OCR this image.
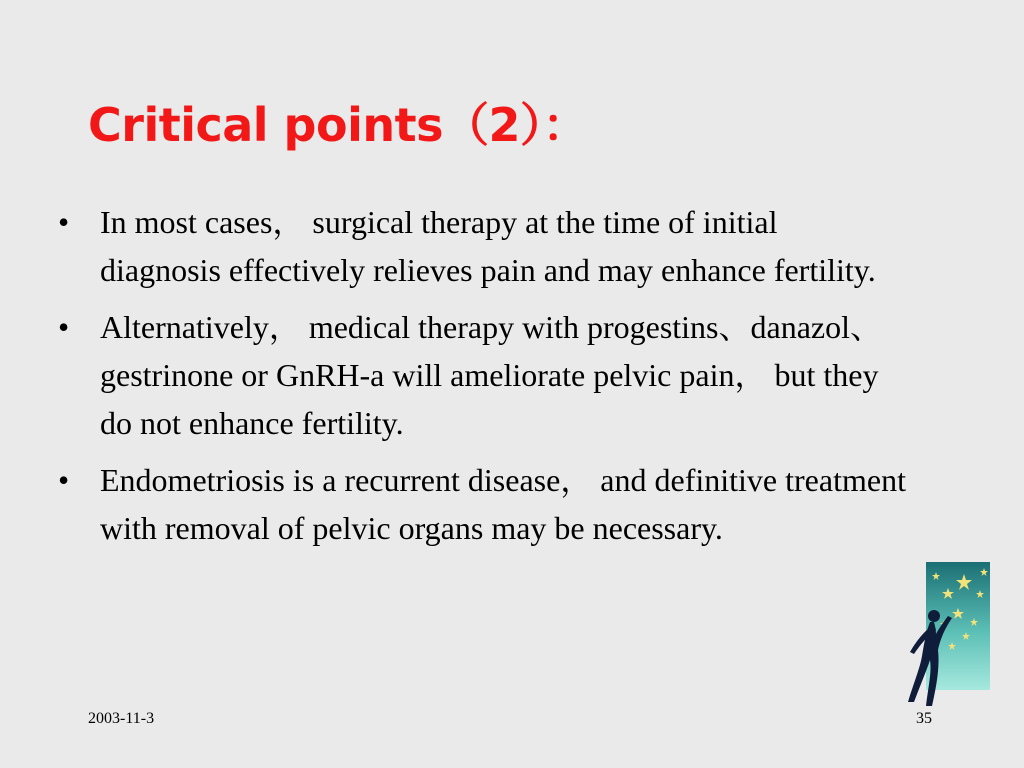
Critical points（2）：
• In most cases， surgical therapy at the time of initial diagnosis effectively relieves pain and may enhance fertility.
• Alternatively， medical therapy with progestins、danazol、gestrinone or GnRH-a will ameliorate pelvic pain， but they do not enhance fertility.
• Endometriosis is a recurrent disease， and definitive treatment with removal of pelvic organs may be necessary.
2003-11-3	35
